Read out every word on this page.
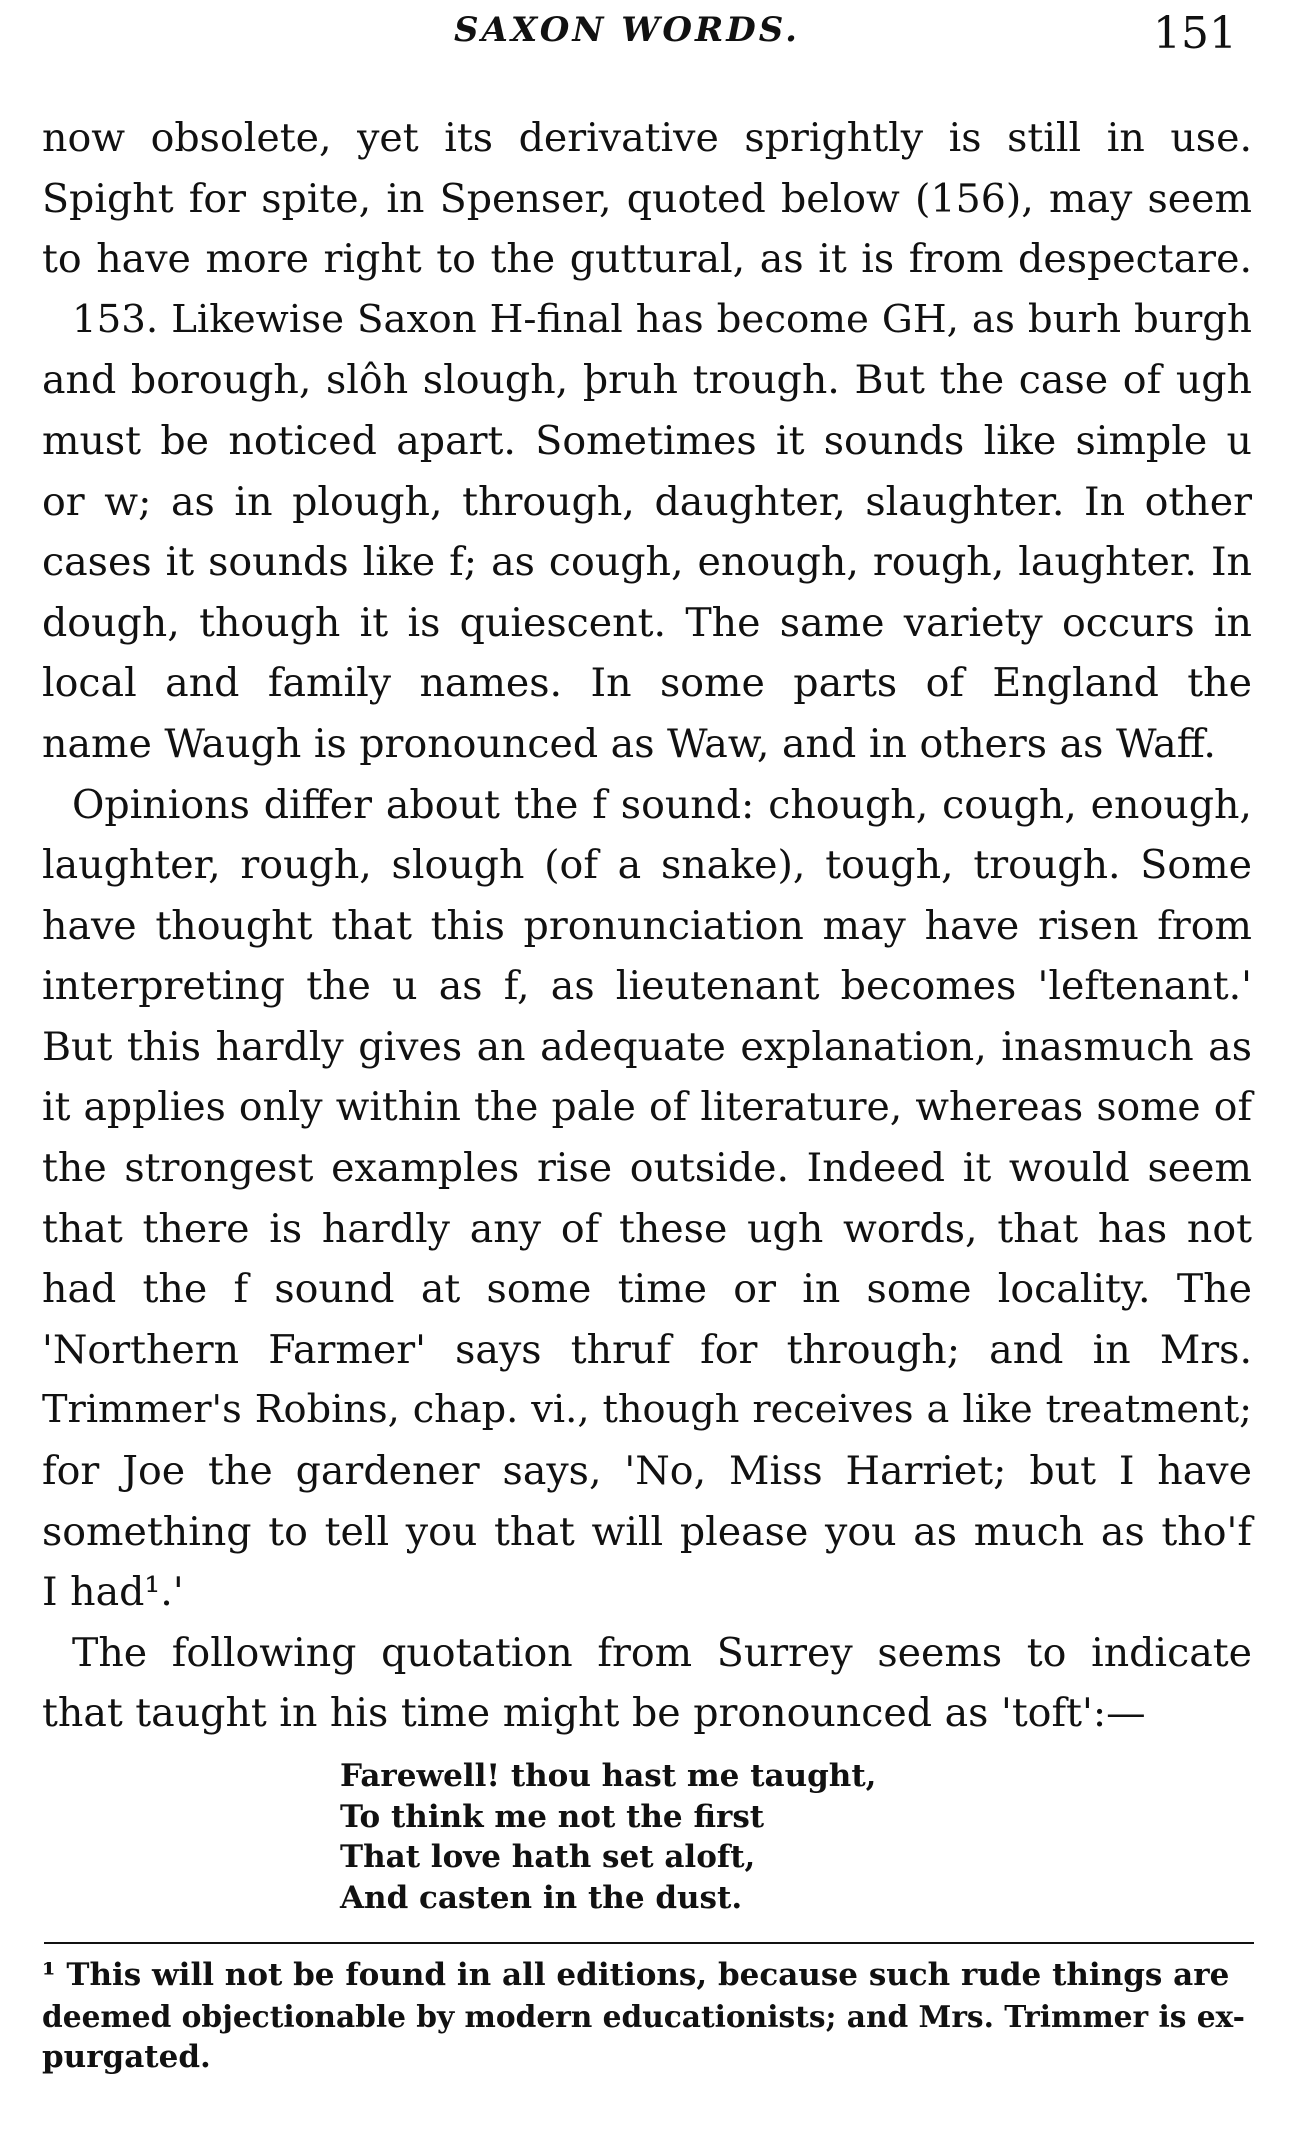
SAXON WORDS.	151
now obsolete, yet its derivative sprightly is still in use.
Spight for spite, in Spenser, quoted below (156), may seem
to have more right to the guttural, as it is from despectare.
153. Likewise Saxon H-final has become GH, as burh burgh
and borough, slôh slough, þruh trough. But the case of ugh
must be noticed apart. Sometimes it sounds like simple u
or w; as in plough, through, daughter, slaughter. In other
cases it sounds like f; as cough, enough, rough, laughter. In
dough, though it is quiescent. The same variety occurs in
local and family names. In some parts of England the
name Waugh is pronounced as Waw, and in others as Waff.
Opinions differ about the f sound: chough, cough, enough,
laughter, rough, slough (of a snake), tough, trough. Some
have thought that this pronunciation may have risen from
interpreting the u as f, as lieutenant becomes 'leftenant.'
But this hardly gives an adequate explanation, inasmuch as
it applies only within the pale of literature, whereas some of
the strongest examples rise outside. Indeed it would seem
that there is hardly any of these ugh words, that has not
had the f sound at some time or in some locality. The
'Northern Farmer' says thruf for through; and in Mrs.
Trimmer's Robins, chap. vi., though receives a like treatment;
for Joe the gardener says, 'No, Miss Harriet; but I have
something to tell you that will please you as much as tho'f
I had¹.'
The following quotation from Surrey seems to indicate
that taught in his time might be pronounced as 'toft':—
Farewell! thou hast me taught,
To think me not the first
That love hath set aloft,
And casten in the dust.
¹ This will not be found in all editions, because such rude things are
deemed objectionable by modern educationists; and Mrs. Trimmer is ex-
purgated.
